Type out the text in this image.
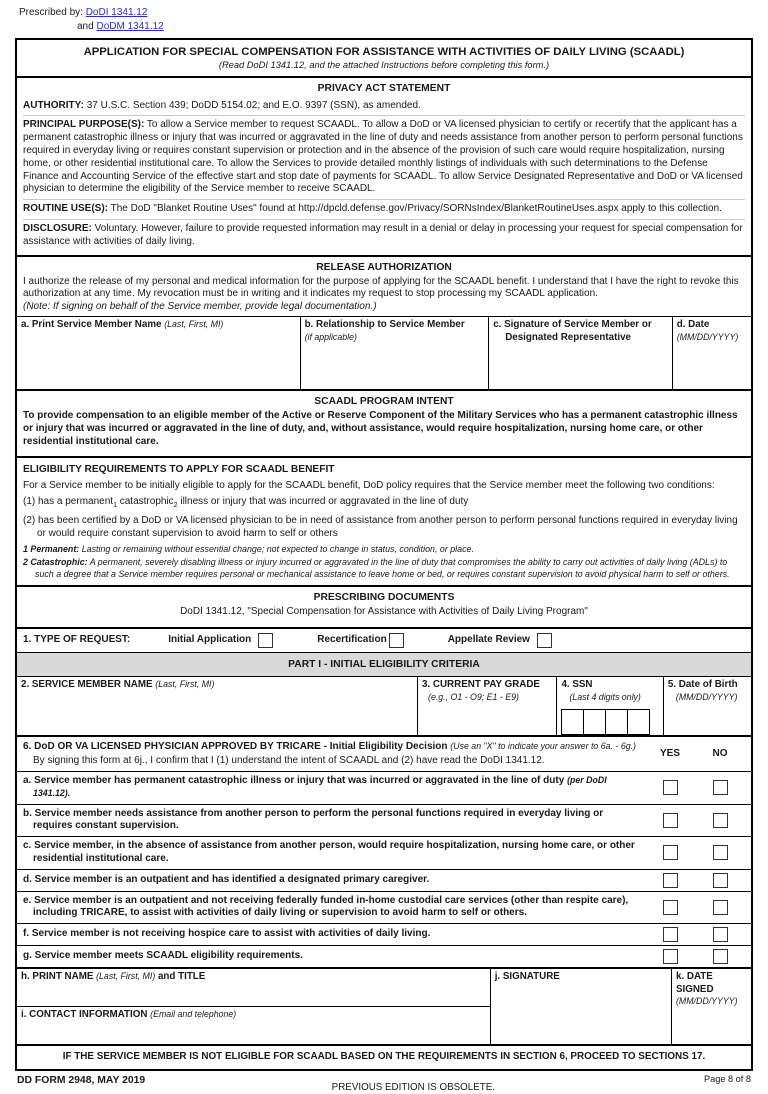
Prescribed by: DoDI 1341.12
and DoDM 1341.12
APPLICATION FOR SPECIAL COMPENSATION FOR ASSISTANCE WITH ACTIVITIES OF DAILY LIVING (SCAADL)
(Read DoDI 1341.12, and the attached Instructions before completing this form.)
PRIVACY ACT STATEMENT
AUTHORITY: 37 U.S.C. Section 439; DoDD 5154.02; and E.O. 9397 (SSN), as amended.
PRINCIPAL PURPOSE(S): To allow a Service member to request SCAADL. To allow a DoD or VA licensed physician to certify or recertify that the applicant has a permanent catastrophic illness or injury that was incurred or aggravated in the line of duty and needs assistance from another person to perform personal functions required in everyday living or requires constant supervision or protection and in the absence of the provision of such care would require hospitalization, nursing home, or other residential institutional care. To allow the Services to provide detailed monthly listings of individuals with such determinations to the Defense Finance and Accounting Service of the effective start and stop date of payments for SCAADL. To allow Service Designated Representative and DoD or VA licensed physician to determine the eligibility of the Service member to receive SCAADL.
ROUTINE USE(S): The DoD "Blanket Routine Uses" found at http://dpcld.defense.gov/Privacy/SORNsIndex/BlanketRoutineUses.aspx apply to this collection.
DISCLOSURE: Voluntary. However, failure to provide requested information may result in a denial or delay in processing your request for special compensation for assistance with activities of daily living.
RELEASE AUTHORIZATION
I authorize the release of my personal and medical information for the purpose of applying for the SCAADL benefit. I understand that I have the right to revoke this authorization at any time. My revocation must be in writing and it indicates my request to stop processing my SCAADL application.
(Note: If signing on behalf of the Service member, provide legal documentation.)
a. Print Service Member Name (Last, First, MI)	b. Relationship to Service Member
(if applicable)
c. Signature of Service Member or Designated Representative
d. Date
(MM/DD/YYYY)
SCAADL PROGRAM INTENT
To provide compensation to an eligible member of the Active or Reserve Component of the Military Services who has a permanent catastrophic illness or injury that was incurred or aggravated in the line of duty, and, without assistance, would require hospitalization, nursing home care, or other residential institutional care.
ELIGIBILITY REQUIREMENTS TO APPLY FOR SCAADL BENEFIT
For a Service member to be initially eligible to apply for the SCAADL benefit, DoD policy requires that the Service member meet the following two conditions:
(1) has a permanent$_1$ catastrophic$_2$ illness or injury that was incurred or aggravated in the line of duty
(2) has been certified by a DoD or VA licensed physician to be in need of assistance from another person to perform personal functions required in everyday living or would require constant supervision to avoid harm to self or others
1 Permanent: Lasting or remaining without essential change; not expected to change in status, condition, or place.
2 Catastrophic: A permanent, severely disabling illness or injury incurred or aggravated in the line of duty that compromises the ability to carry out activities of daily living (ADLs) to such a degree that a Service member requires personal or mechanical assistance to leave home or bed, or requires constant supervision to avoid physical harm to self or others.
PRESCRIBING DOCUMENTS
DoDI 1341.12, "Special Compensation for Assistance with Activities of Daily Living Program"
1. TYPE OF REQUEST:	Initial Application	Recertification	Appellate Review
PART I - INITIAL ELIGIBILITY CRITERIA
2. SERVICE MEMBER NAME (Last, First, MI)	3. CURRENT PAY GRADE
(e.g., O1 - O9; E1 - E9)
4. SSN
(Last 4 digits only)
5. Date of Birth
(MM/DD/YYYY)
6. DoD OR VA LICENSED PHYSICIAN APPROVED BY TRICARE - Initial Eligibility Decision (Use an "X" to indicate your answer to 6a. - 6g.)
By signing this form at 6j., I confirm that I (1) understand the intent of SCAADL and (2) have read the DoDI 1341.12.
YES	NO
a. Service member has permanent catastrophic illness or injury that was incurred or aggravated in the line of duty (per DoDI 1341.12).
b. Service member needs assistance from another person to perform the personal functions required in everyday living or requires constant supervision.
c. Service member, in the absence of assistance from another person, would require hospitalization, nursing home care, or other residential institutional care.
d. Service member is an outpatient and has identified a designated primary caregiver.
e. Service member is an outpatient and not receiving federally funded in-home custodial care services (other than respite care), including TRICARE, to assist with activities of daily living or supervision to avoid harm to self or others.
f. Service member is not receiving hospice care to assist with activities of daily living.
g. Service member meets SCAADL eligibility requirements.
h. PRINT NAME (Last, First, MI) and TITLE
i. CONTACT INFORMATION (Email and telephone)
j. SIGNATURE	k. DATE SIGNED
(MM/DD/YYYY)
IF THE SERVICE MEMBER IS NOT ELIGIBLE FOR SCAADL BASED ON THE REQUIREMENTS IN SECTION 6, PROCEED TO SECTIONS 17.
DD FORM 2948, MAY 2019
PREVIOUS EDITION IS OBSOLETE.
Page 8 of 8
